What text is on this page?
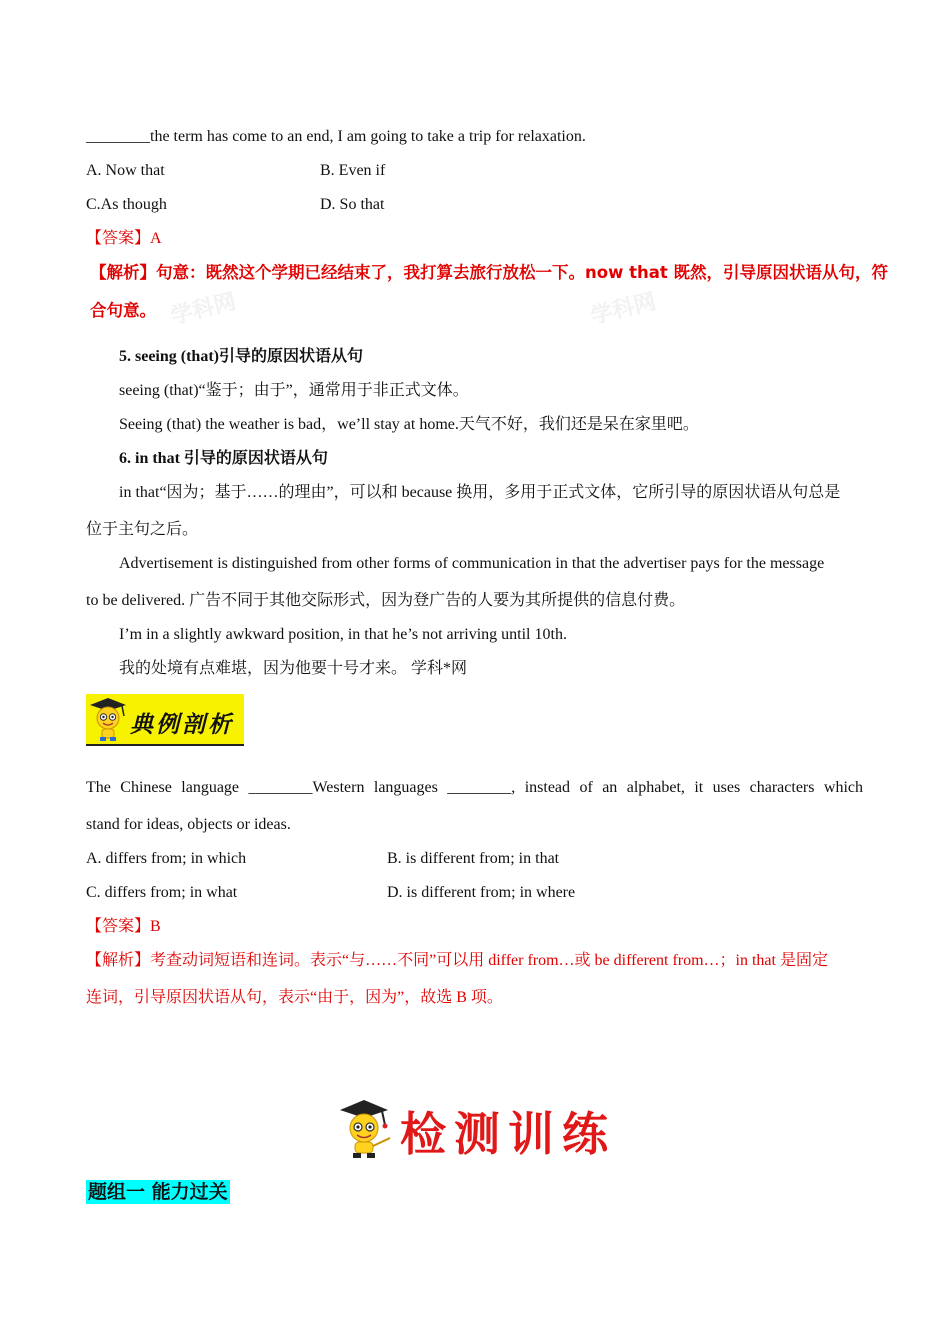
________the term has come to an end, I am going to take a trip for relaxation.
A. Now that	B. Even if
C.As though	D. So that
【答案】A
学科网	学科网
【解析】句意：既然这个学期已经结束了，我打算去旅行放松一下。now that 既然，引导原因状语从句，符
合句意。
5. seeing (that)引导的原因状语从句
seeing (that)“鉴于；由于”，通常用于非正式文体。
Seeing (that) the weather is bad，we’ll stay at home.天气不好，我们还是呆在家里吧。
6. in that 引导的原因状语从句
in that“因为；基于……的理由”，可以和 because 换用，多用于正式文体，它所引导的原因状语从句总是
位于主句之后。
Advertisement is distinguished from other forms of communication in that the advertiser pays for the message
to be delivered. 广告不同于其他交际形式，因为登广告的人要为其所提供的信息付费。
I’m in a slightly awkward position, in that he’s not arriving until 10th.
我的处境有点难堪，因为他要十号才来。 学科*网
典例剖析
The Chinese language ________Western languages ________, instead of an alphabet, it uses characters which
stand for ideas, objects or ideas.
A. differs from; in which	B. is different from; in that
C. differs from; in what	D. is different from; in where
【答案】B
【解析】考查动词短语和连词。表示“与……不同”可以用 differ from…或 be different from…；in that 是固定
连词，引导原因状语从句，表示“由于，因为”，故选 B 项。
检测训练
题组一 能力过关
